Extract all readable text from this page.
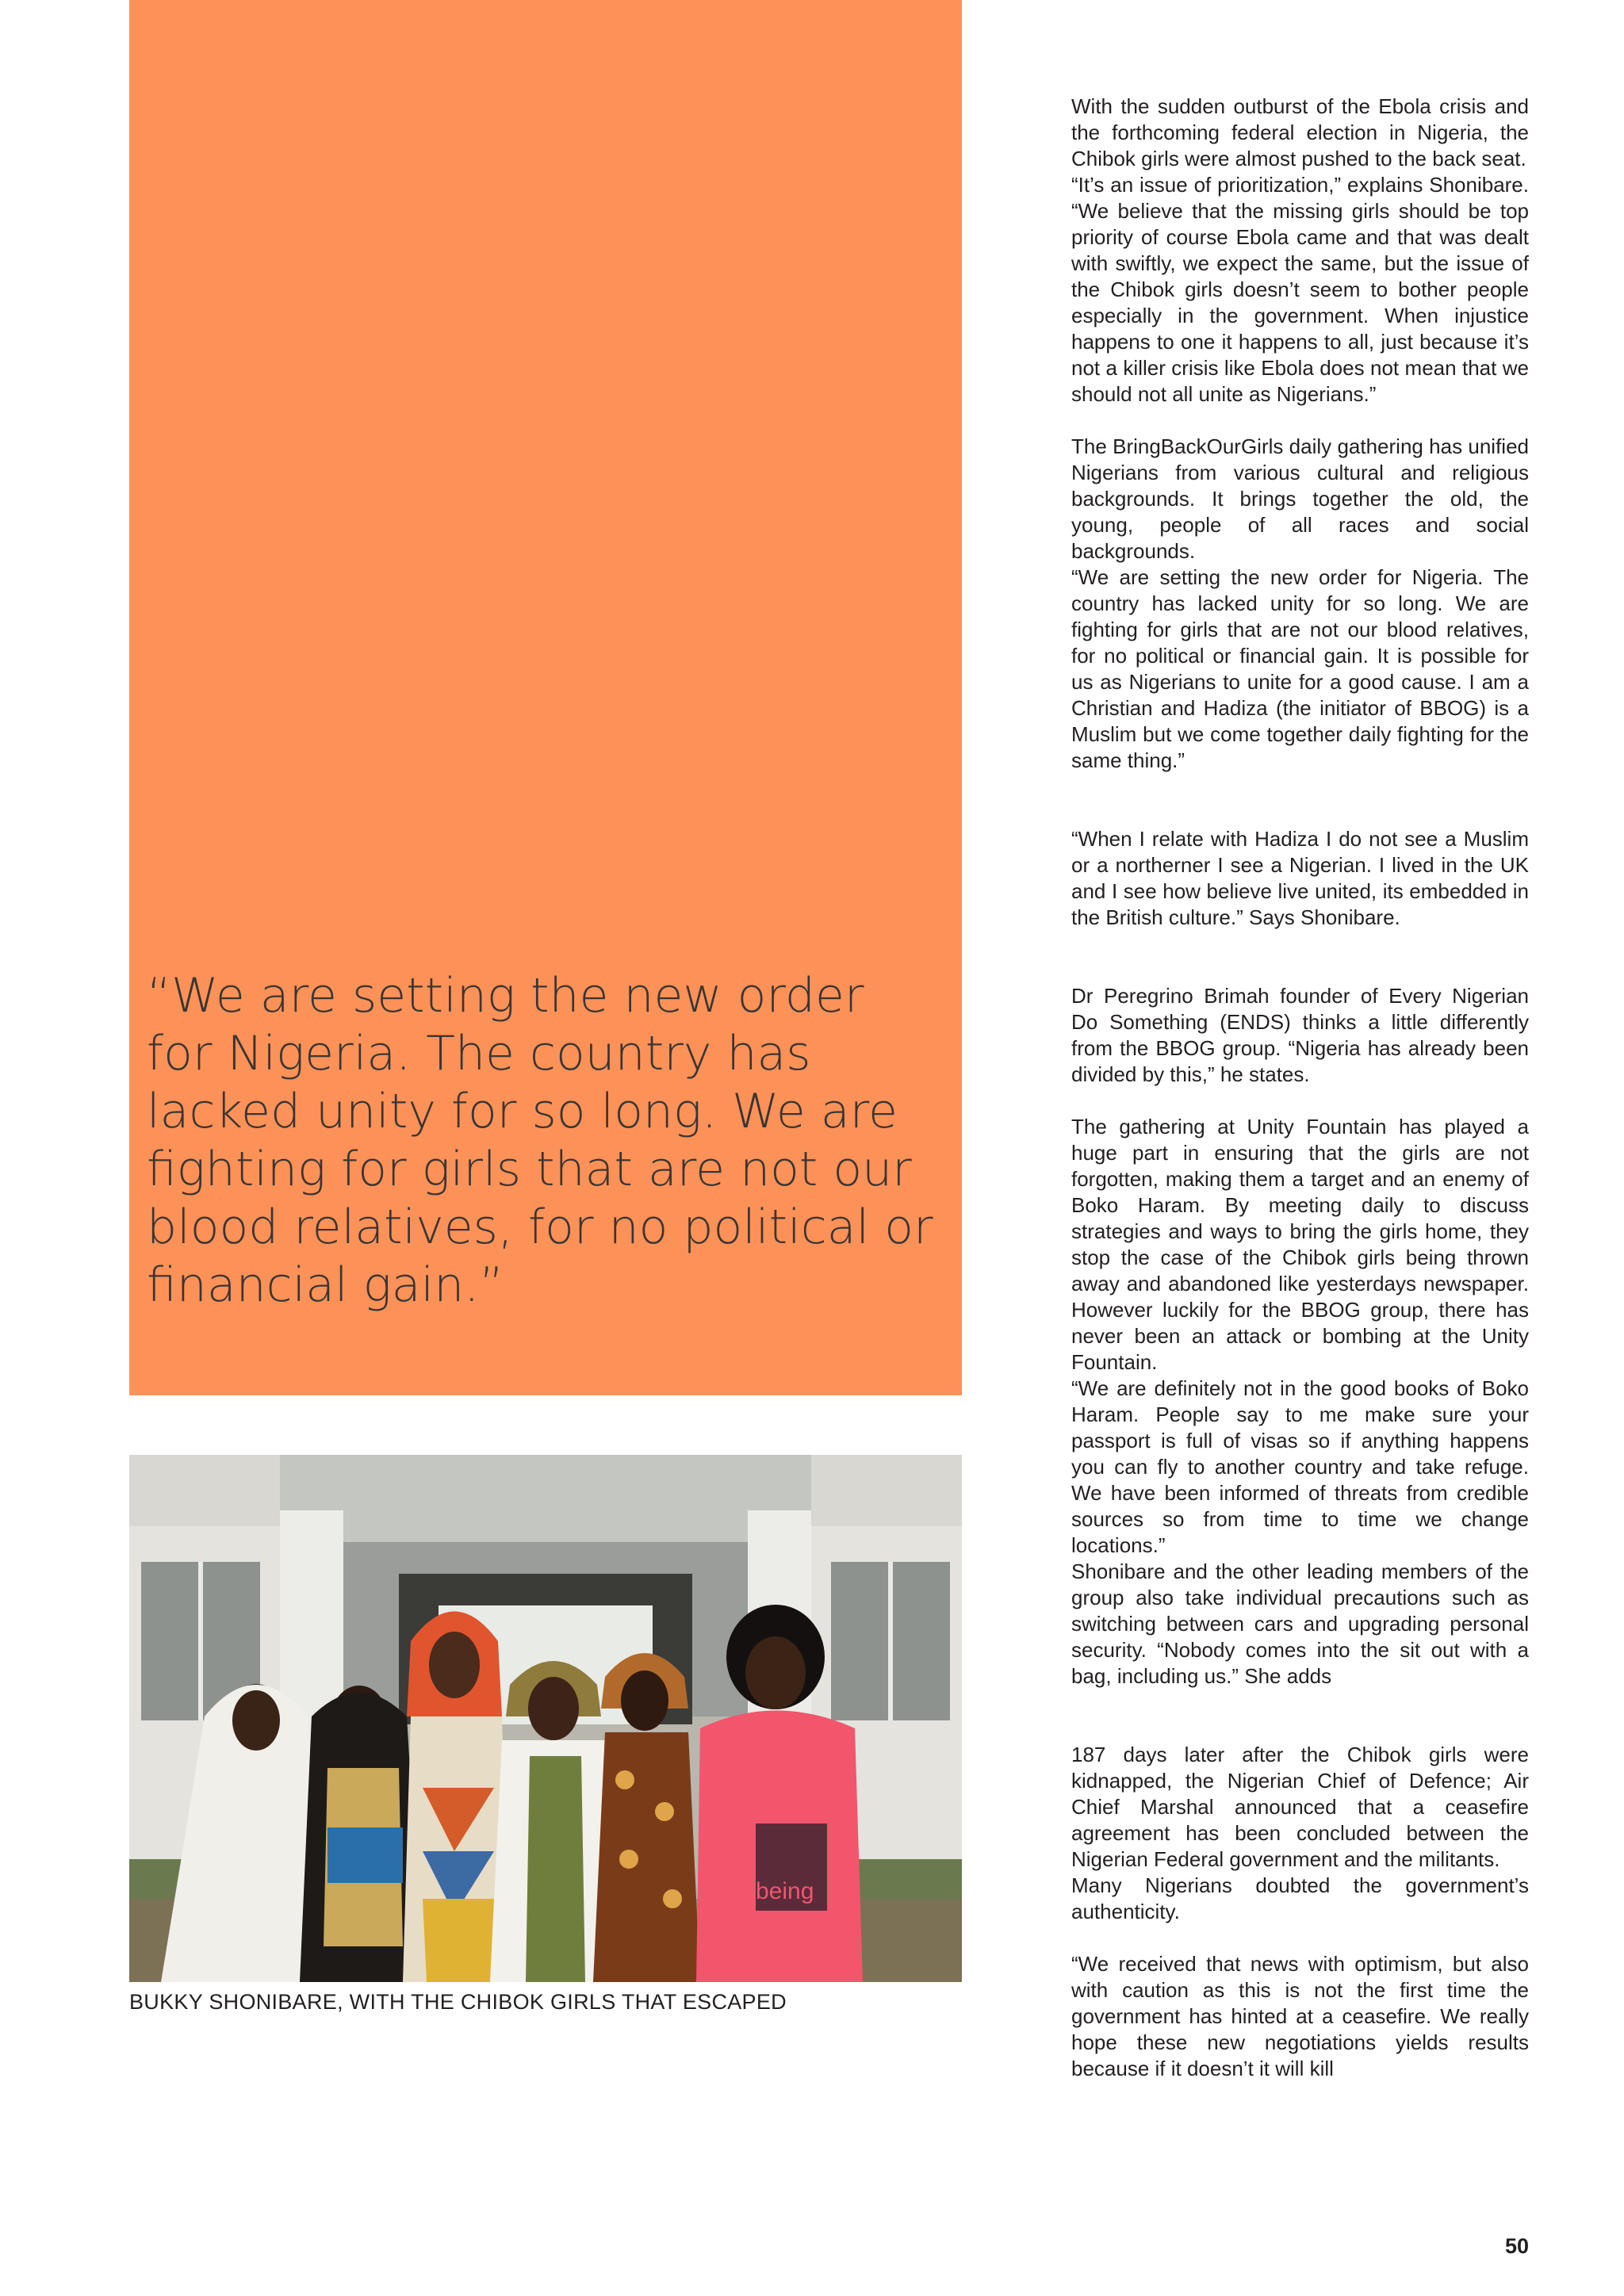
“We are setting the new order for Nigeria. The country has lacked unity for so long. We are fighting for girls that are not our blood relatives, for no political or financial gain.”
being
BUKKY SHONIBARE, WITH THE CHIBOK GIRLS THAT ESCAPED

With the sudden outburst of the Ebola crisis and the forthcoming federal election in Nigeria, the Chibok girls were almost pushed to the back seat.

“It’s an issue of prioritization,” explains Shonibare. “We believe that the missing girls should be top priority of course Ebola came and that was dealt with swiftly, we expect the same, but the issue of the Chibok girls doesn’t seem to bother people especially in the government. When injustice happens to one it happens to all, just because it’s not a killer crisis like Ebola does not mean that we should not all unite as Nigerians.”

The BringBackOurGirls daily gathering has unified Nigerians from various cultural and religious backgrounds. It brings together the old, the young, people of all races and social backgrounds.

“We are setting the new order for Nigeria. The country has lacked unity for so long. We are fighting for girls that are not our blood relatives, for no political or financial gain. It is possible for us as Nigerians to unite for a good cause. I am a Christian and Hadiza (the initiator of BBOG) is a Muslim but we come together daily fighting for the same thing.”

“When I relate with Hadiza I do not see a Muslim or a northerner I see a Nigerian. I lived in the UK and I see how believe live united, its embedded in the British culture.” Says Shonibare.

Dr Peregrino Brimah founder of Every Nigerian Do Something (ENDS) thinks a little differently from the BBOG group. “Nigeria has already been divided by this,” he states.

The gathering at Unity Fountain has played a huge part in ensuring that the girls are not forgotten, making them a target and an enemy of Boko Haram. By meeting daily to discuss strategies and ways to bring the girls home, they stop the case of the Chibok girls being thrown away and abandoned like yesterdays newspaper. However luckily for the BBOG group, there has never been an attack or bombing at the Unity Fountain.

“We are definitely not in the good books of Boko Haram. People say to me make sure your passport is full of visas so if anything happens you can fly to another country and take refuge. We have been informed of threats from credible sources so from time to time we change locations.”

Shonibare and the other leading members of the group also take individual precautions such as switching between cars and upgrading personal security. “Nobody comes into the sit out with a bag, including us.” She adds

187 days later after the Chibok girls were kidnapped, the Nigerian Chief of Defence; Air Chief Marshal announced that a ceasefire agreement has been concluded between the Nigerian Federal government and the militants.

Many Nigerians doubted the government’s authenticity.

“We received that news with optimism, but also with caution as this is not the first time the government has hinted at a ceasefire. We really hope these new negotiations yields results because if it doesn’t it will kill

50
